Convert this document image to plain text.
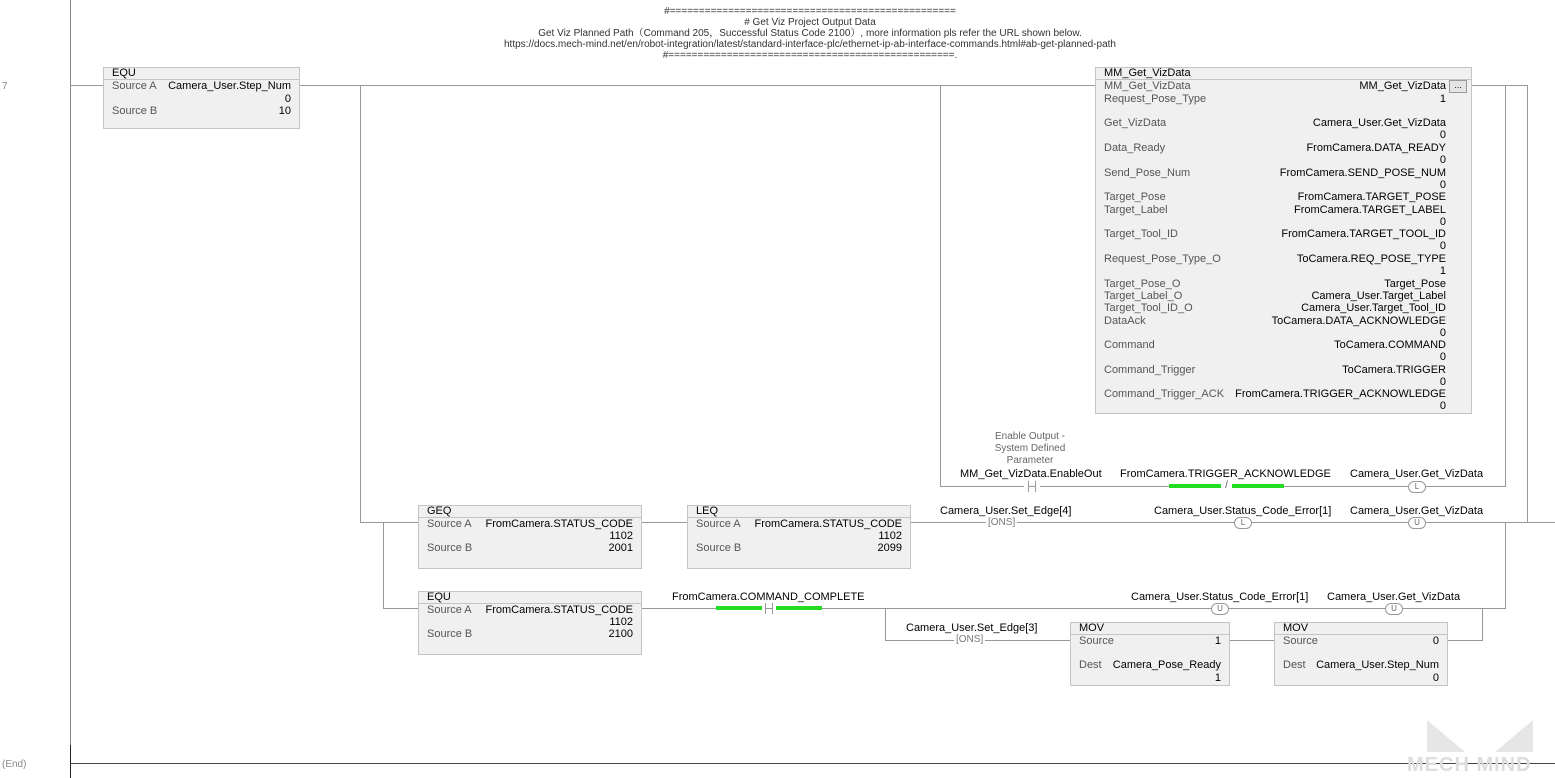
7
(End)
#=================================================
# Get Viz Project Output Data
Get Viz Planned Path（Command 205，Successful Status Code 2100）, more information pls refer the URL shown below.
https://docs.mech-mind.net/en/robot-integration/latest/standard-interface-plc/ethernet-ip-ab-interface-commands.html#ab-get-planned-path
#=================================================.
EQU
Source A Camera_User.Step_Num
0
Source B	10
MM_Get_VizData
MM_Get_VizData	MM_Get_VizData ...
Request_Pose_Type	1
Get_VizData	Camera_User.Get_VizData
0
Data_Ready	FromCamera.DATA_READY
0
Send_Pose_Num	FromCamera.SEND_POSE_NUM
0
Target_Pose	FromCamera.TARGET_POSE
Target_Label	FromCamera.TARGET_LABEL
0
Target_Tool_ID	FromCamera.TARGET_TOOL_ID
0
Request_Pose_Type_O	ToCamera.REQ_POSE_TYPE
1
Target_Pose_O	Target_Pose
Target_Label_O	Camera_User.Target_Label
Target_Tool_ID_O	Camera_User.Target_Tool_ID
DataAck	ToCamera.DATA_ACKNOWLEDGE
0
Command	ToCamera.COMMAND
0
Command_Trigger	ToCamera.TRIGGER
0
Command_Trigger_ACK FromCamera.TRIGGER_ACKNOWLEDGE
0
Enable Output -
System Defined
Parameter
MM_Get_VizData.EnableOut FromCamera.TRIGGER_ACKNOWLEDGE
/
Camera_User.Get_VizData
L
GEQ
Source A FromCamera.STATUS_CODE
1102
Source B	2001
LEQ
Source A FromCamera.STATUS_CODE
1102
Source B	2099
Camera_User.Set_Edge[4]
[ONS]
Camera_User.Status_Code_Error[1]
L
Camera_User.Get_VizData
U
EQU
Source A FromCamera.STATUS_CODE
1102
Source B	2100
FromCamera.COMMAND_COMPLETE	Camera_User.Status_Code_Error[1]
U
Camera_User.Get_VizData
U
Camera_User.Set_Edge[3]
[ONS]
MOV
Source	1
Dest Camera_Pose_Ready
1
MOV
Source	0
Dest Camera_User.Step_Num
0
MECH MIND
